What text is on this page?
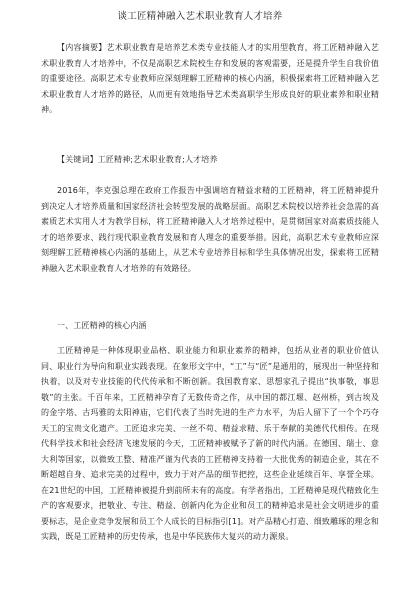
谈工匠精神融入艺术职业教育人才培养

【内容摘要】艺术职业教育是培养艺术类专业技能人才的实用型教育，将工匠精神融入艺术职业教育人才培养中，不仅是高职艺术院校生存和发展的客观需要，还是提升学生自我价值的重要途径。高职艺术专业教师应深刻理解工匠精神的核心内涵，积极探索将工匠精神融入艺术职业教育人才培养的路径，从而更有效地指导艺术类高职学生形成良好的职业素养和职业精神。

【关键词】工匠精神;艺术职业教育;人才培养

2016年，李克强总理在政府工作报告中强调培育精益求精的工匠精神，将工匠精神提升到决定人才培养质量和国家经济社会转型发展的战略层面。高职艺术院校以培养社会急需的高素质艺术实用人才为教学目标，将工匠精神融入人才培养过程中，是贯彻国家对高素质技能人才的培养要求、践行现代职业教育发展和育人理念的重要举措。因此，高职艺术专业教师应深刻理解工匠精神核心内涵的基础上，从艺术专业培养目标和学生具体情况出发，探索将工匠精神融入艺术职业教育人才培养的有效路径。

一、工匠精神的核心内涵

工匠精神是一种体现职业品格、职业能力和职业素养的精神，包括从业者的职业价值认同、职业行为导向和职业实践表现。在象形文字中，“工”与“匠”是通用的，展现出一种坚持和执着，以及对专业技能的代代传承和不断创新。我国教育家、思想家孔子提出“执事敬，事思敬”的主张。千百年来，工匠精神孕育了无数传奇之作，从中国的都江堰、赵州桥，到古埃及的金字塔、古玛雅的太阳神庙，它们代表了当时先进的生产力水平，为后人留下了一个个巧夺天工的宝贵文化遗产。工匠追求完美、一丝不苟、精益求精、乐于奉献的美德代代相传。在现代科学技术和社会经济飞速发展的今天，工匠精神被赋予了新的时代内涵。在德国、瑞士、意大利等国家，以微致工整、精准严谨为代表的工匠精神支持着一大批优秀的制造企业，其在不断超越自身、追求完美的过程中，致力于对产品的细节把控，这些企业延续百年、享誉全球。在21世纪的中国，工匠精神被提升到前所未有的高度。有学者指出，工匠精神是现代精致化生产的客观要求，把敬业、专注、精益、创新内化为企业和员工的精神追求是社会文明进步的重要标志，是企业竞争发展和员工个人成长的目标指引[1]。对产品精心打造、细致雕琢的理念和实践，既是工匠精神的历史传承，也是中华民族伟大复兴的动力源泉。
